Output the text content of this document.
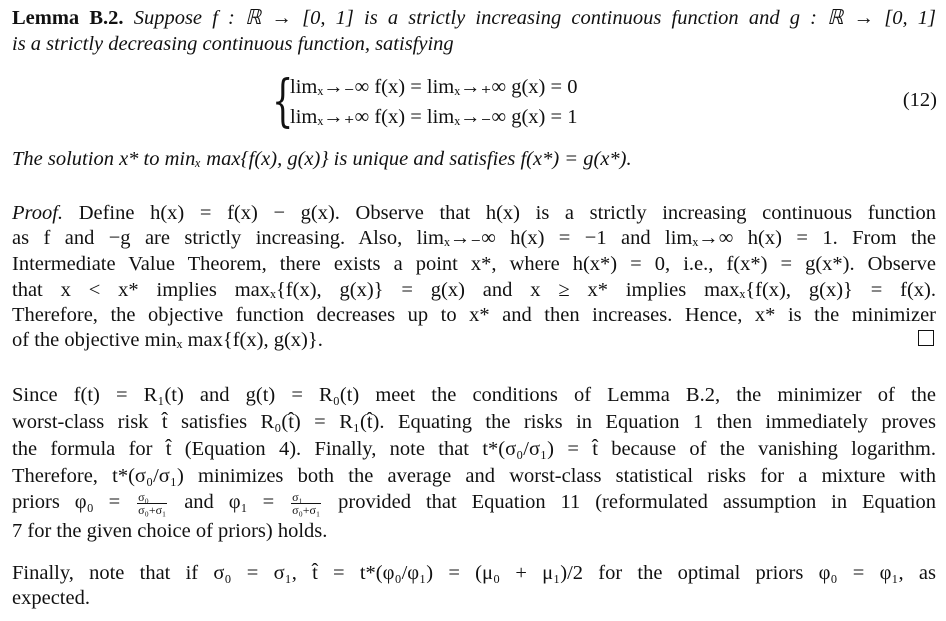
Lemma B.2. Suppose f : ℝ → [0, 1] is a strictly increasing continuous function and g : ℝ → [0, 1]
is a strictly decreasing continuous function, satisfying
{
limₓ→₋∞ f(x) = limₓ→₊∞ g(x) = 0
limₓ→₊∞ f(x) = limₓ→₋∞ g(x) = 1
(12)
The solution x* to minₓ max{f(x), g(x)} is unique and satisfies f(x*) = g(x*).
Proof. Define h(x) = f(x) − g(x). Observe that h(x) is a strictly increasing continuous function
as f and −g are strictly increasing. Also, limₓ→₋∞ h(x) = −1 and limₓ→∞ h(x) = 1. From the
Intermediate Value Theorem, there exists a point x*, where h(x*) = 0, i.e., f(x*) = g(x*). Observe
that x < x* implies maxₓ{f(x), g(x)} = g(x) and x ≥ x* implies maxₓ{f(x), g(x)} = f(x).
Therefore, the objective function decreases up to x* and then increases. Hence, x* is the minimizer
of the objective minₓ max{f(x), g(x)}.
Since f(t) = R₁(t) and g(t) = R₀(t) meet the conditions of Lemma B.2, the minimizer of the
worst-class risk t̂ satisfies R₀(t̂) = R₁(t̂). Equating the risks in Equation 1 then immediately proves
the formula for t̂ (Equation 4). Finally, note that t*(σ₀/σ₁) = t̂ because of the vanishing logarithm.
Therefore, t*(σ₀/σ₁) minimizes both the average and worst-class statistical risks for a mixture with
priors $\varphi_0 = \frac{\text{σ₀}}{\text{σ₀+σ₁}}$ and $\varphi_1 = \frac{\text{σ₁}}{\text{σ₀+σ₁}}$ provided that Equation 11 (reformulated assumption in Equation
7 for the given choice of priors) holds.
Finally, note that if σ₀ = σ₁, t̂ = t*(φ₀/φ₁) = (μ₀ + μ₁)/2 for the optimal priors φ₀ = φ₁, as
expected.
